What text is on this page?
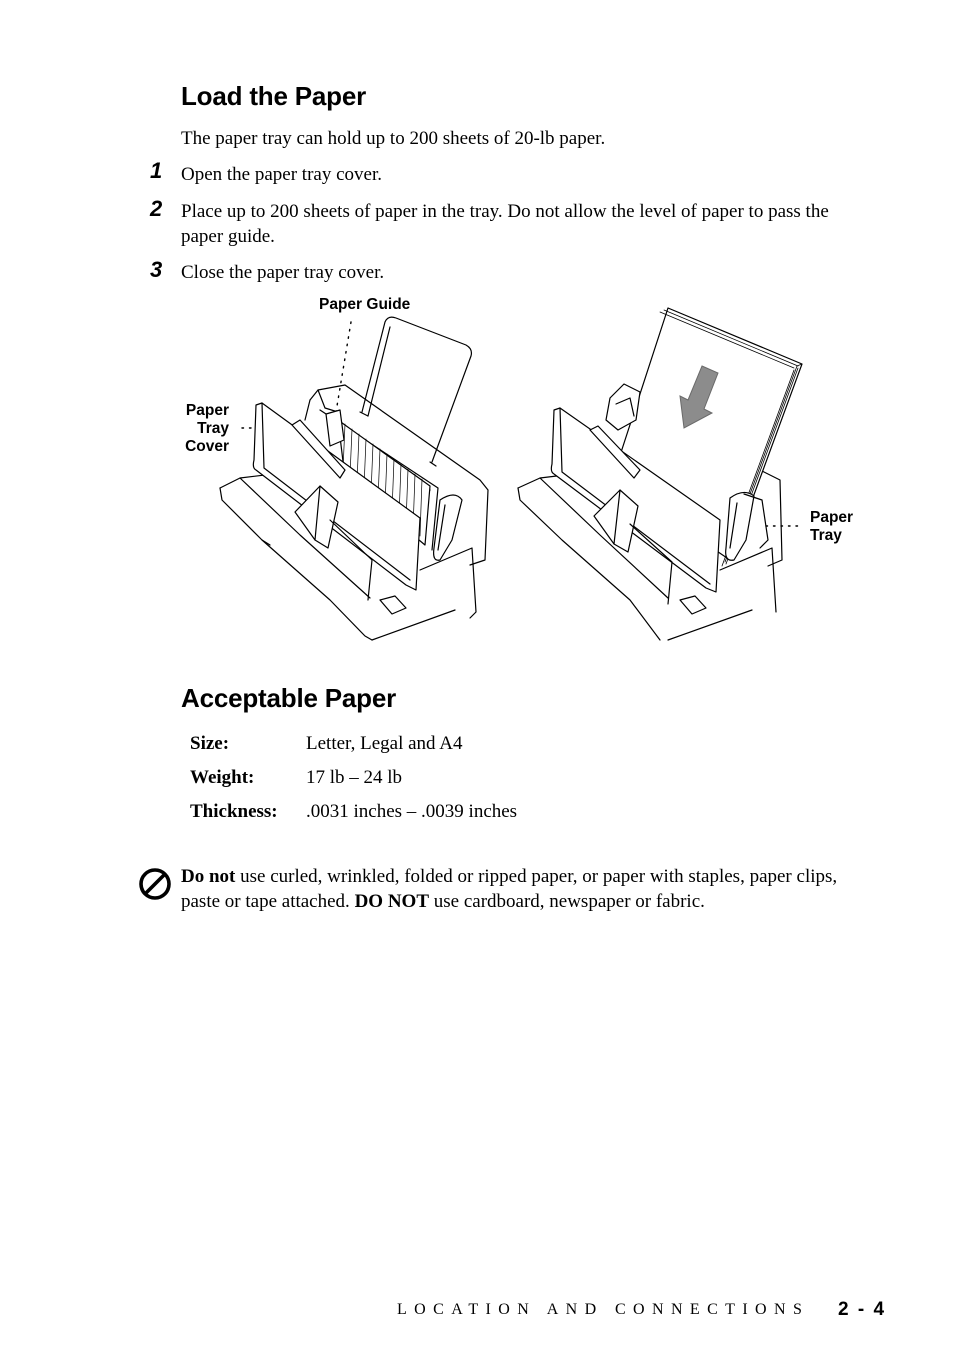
Load the Paper
The paper tray can hold up to 200 sheets of 20-lb paper.
1 Open the paper tray cover.
2 Place up to 200 sheets of paper in the tray. Do not allow the level of paper to pass the
paper guide.
3 Close the paper tray cover.
Paper Guide
Paper
Tray
Cover
Paper
Tray
Acceptable Paper
Size:	Letter, Legal and A4
Weight:	17 lb – 24 lb
Thickness: .0031 inches – .0039 inches
Do not use curled, wrinkled, folded or ripped paper, or paper with staples, paper clips,
paste or tape attached. DO NOT use cardboard, newspaper or fabric.
LOCATION AND CONNECTIONS 2 - 4
